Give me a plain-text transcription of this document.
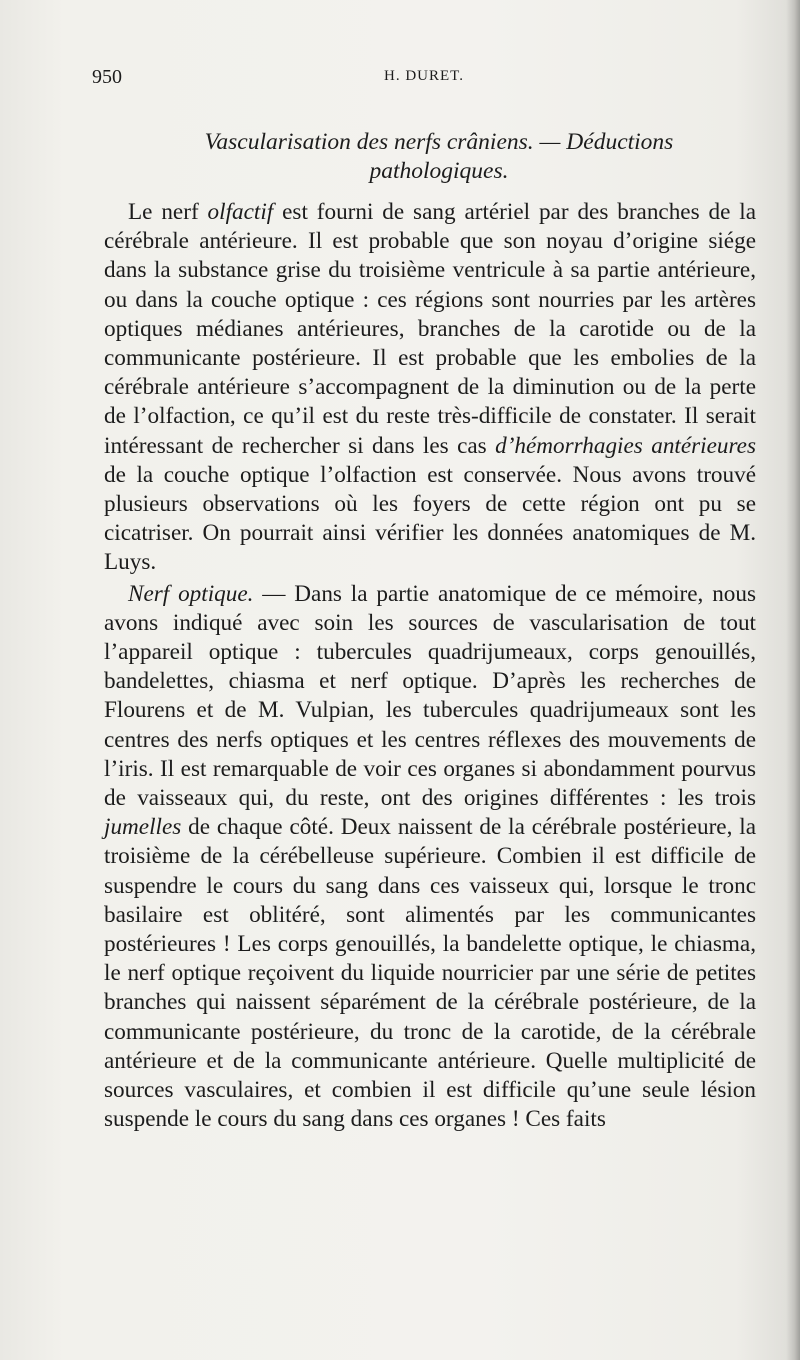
950	H. DURET.
Vascularisation des nerfs crâniens. — Déductions
pathologiques.

Le nerf olfactif est fourni de sang artériel par des branches de la cérébrale antérieure. Il est probable que son noyau d’origine siége dans la substance grise du troisième ventricule à sa partie antérieure, ou dans la couche optique : ces régions sont nourries par les artères optiques médianes antérieures, branches de la carotide ou de la communicante postérieure. Il est probable que les embolies de la cérébrale antérieure s’accompagnent de la diminution ou de la perte de l’olfaction, ce qu’il est du reste très-difficile de constater. Il serait intéressant de rechercher si dans les cas d’hémorrhagies antérieures de la couche optique l’olfaction est conservée. Nous avons trouvé plusieurs observations où les foyers de cette région ont pu se cicatriser. On pourrait ainsi vérifier les données anatomiques de M. Luys.

Nerf optique. — Dans la partie anatomique de ce mémoire, nous avons indiqué avec soin les sources de vascularisation de tout l’appareil optique : tubercules quadrijumeaux, corps genouillés, bandelettes, chiasma et nerf optique. D’après les recherches de Flourens et de M. Vulpian, les tubercules quadrijumeaux sont les centres des nerfs optiques et les centres réflexes des mouvements de l’iris. Il est remarquable de voir ces organes si abondamment pourvus de vaisseaux qui, du reste, ont des origines différentes : les trois jumelles de chaque côté. Deux naissent de la cérébrale postérieure, la troisième de la cérébelleuse supérieure. Combien il est difficile de suspendre le cours du sang dans ces vaisseux qui, lorsque le tronc basilaire est oblitéré, sont alimentés par les communicantes postérieures ! Les corps genouillés, la bandelette optique, le chiasma, le nerf optique reçoivent du liquide nourricier par une série de petites branches qui naissent séparément de la cérébrale postérieure, de la communicante postérieure, du tronc de la carotide, de la cérébrale antérieure et de la communicante antérieure. Quelle multiplicité de sources vasculaires, et combien il est difficile qu’une seule lésion suspende le cours du sang dans ces organes ! Ces faits
